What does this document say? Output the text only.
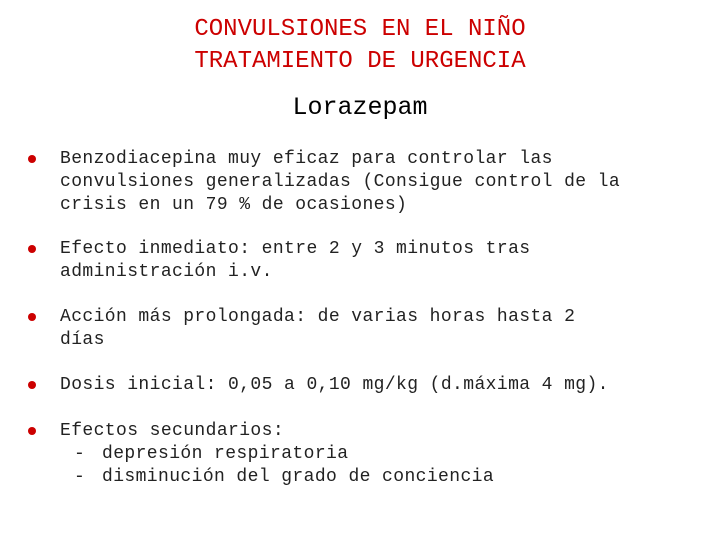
CONVULSIONES EN EL NIÑO
TRATAMIENTO DE URGENCIA
Lorazepam
Benzodiacepina muy eficaz para controlar las
convulsiones generalizadas (Consigue control de la
crisis en un 79 % de ocasiones)
Efecto inmediato: entre 2 y 3 minutos tras
administración i.v.
Acción más prolongada: de varias horas hasta 2
días
Dosis inicial: 0,05 a 0,10 mg/kg (d.máxima 4 mg).
Efectos secundarios:
- depresión respiratoria
- disminución del grado de conciencia
